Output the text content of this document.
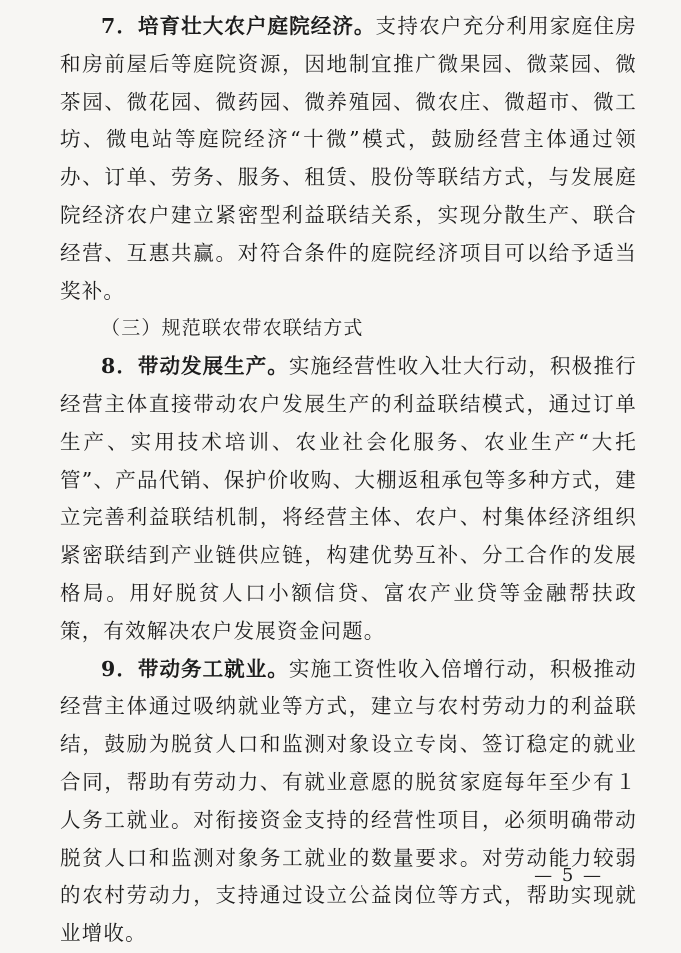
7．培育壮大农户庭院经济。支持农户充分利用家庭住房和房前屋后等庭院资源，因地制宜推广微果园、微菜园、微茶园、微花园、微药园、微养殖园、微农庄、微超市、微工坊、微电站等庭院经济“十微”模式，鼓励经营主体通过领办、订单、劳务、服务、租赁、股份等联结方式，与发展庭院经济农户建立紧密型利益联结关系，实现分散生产、联合经营、互惠共赢。对符合条件的庭院经济项目可以给予适当奖补。

（三）规范联农带农联结方式

8．带动发展生产。实施经营性收入壮大行动，积极推行经营主体直接带动农户发展生产的利益联结模式，通过订单生产、实用技术培训、农业社会化服务、农业生产“大托管”、产品代销、保护价收购、大棚返租承包等多种方式，建立完善利益联结机制，将经营主体、农户、村集体经济组织紧密联结到产业链供应链，构建优势互补、分工合作的发展格局。用好脱贫人口小额信贷、富农产业贷等金融帮扶政策，有效解决农户发展资金问题。

9．带动务工就业。实施工资性收入倍增行动，积极推动经营主体通过吸纳就业等方式，建立与农村劳动力的利益联结，鼓励为脱贫人口和监测对象设立专岗、签订稳定的就业合同，帮助有劳动力、有就业意愿的脱贫家庭每年至少有１人务工就业。对衔接资金支持的经营性项目，必须明确带动脱贫人口和监测对象务工就业的数量要求。对劳动能力较弱的农村劳动力，支持通过设立公益岗位等方式，帮助实现就业增收。

— 5 —
